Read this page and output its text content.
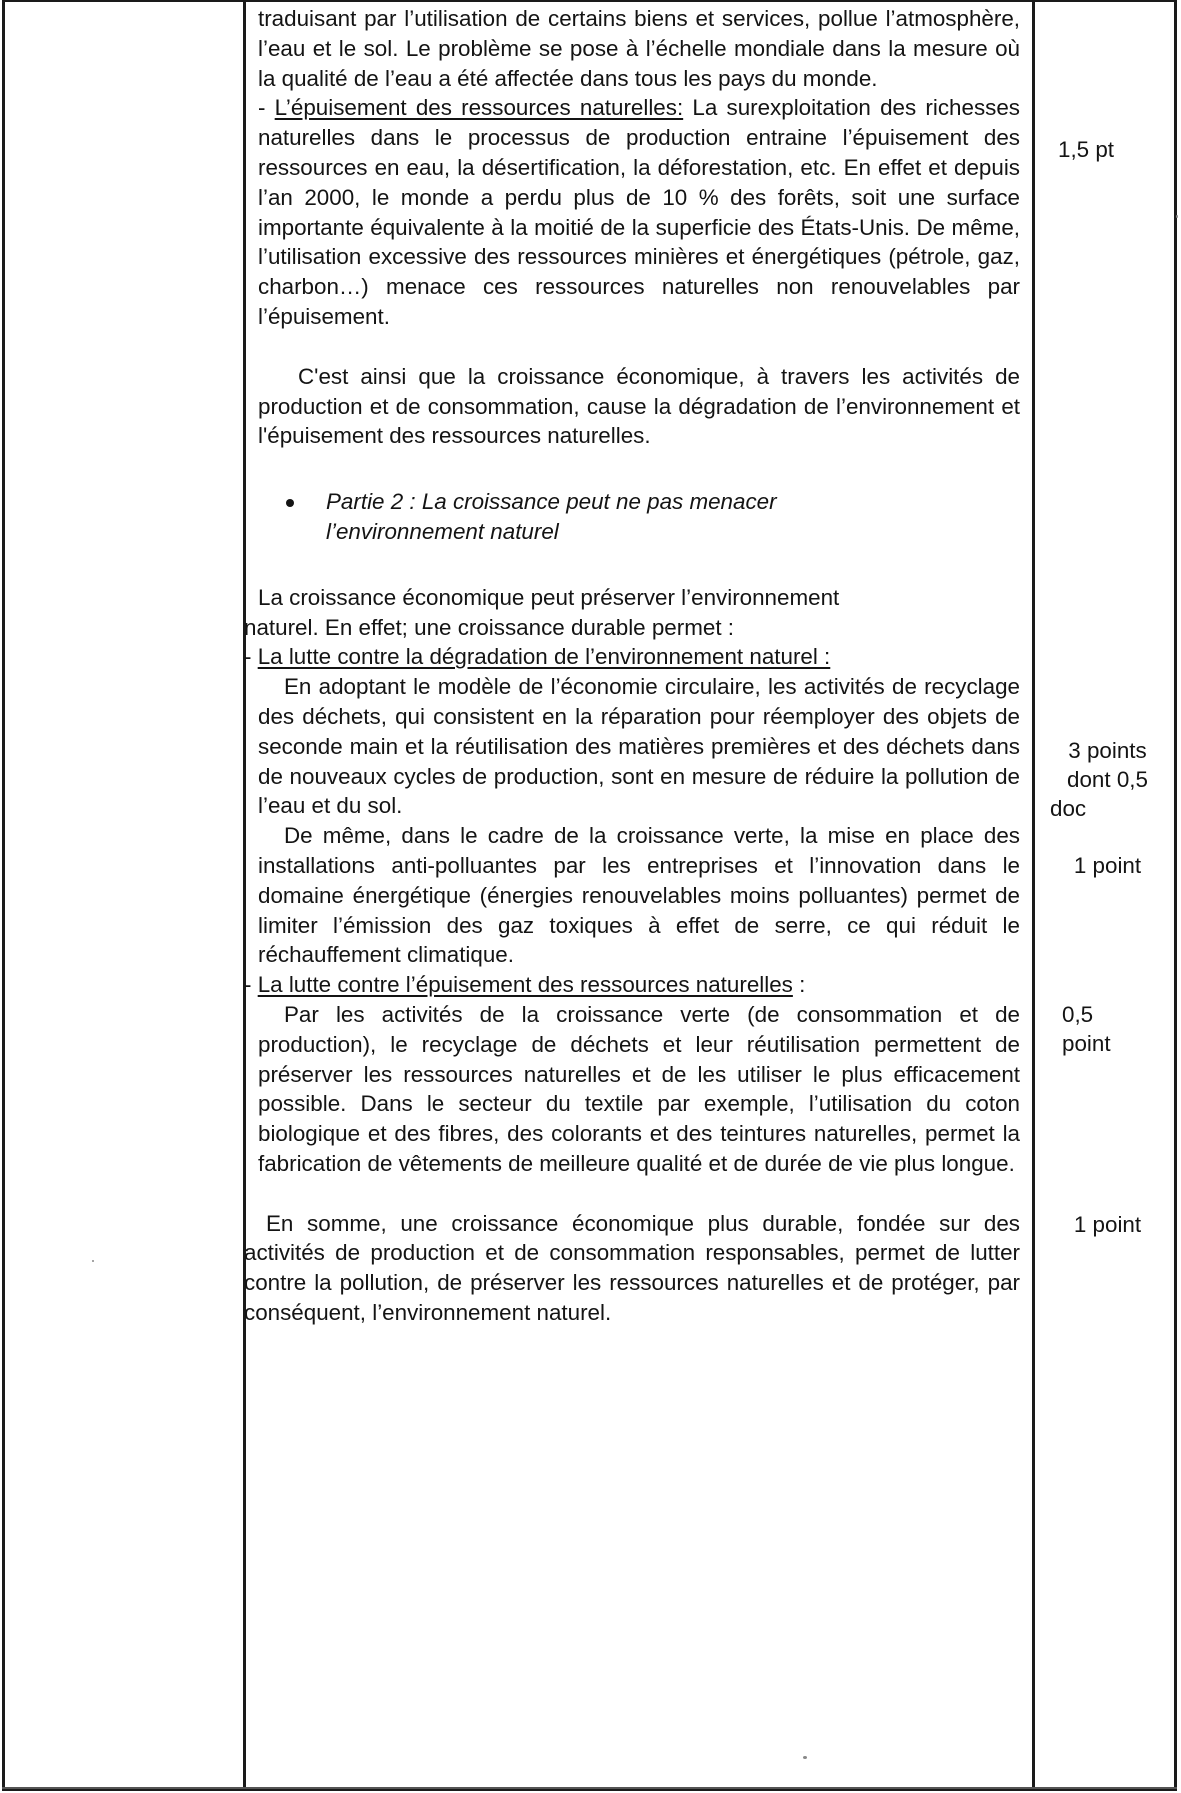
traduisant par l’utilisation de certains biens et services, pollue l’atmosphère, l’eau et le sol. Le problème se pose à l’échelle mondiale dans la mesure où la qualité de l’eau a été affectée dans tous les pays du monde.

- L’épuisement des ressources naturelles: La surexploitation des richesses naturelles dans le processus de production entraine l’épuisement des ressources en eau, la désertification, la déforestation, etc. En effet et depuis l’an 2000, le monde a perdu plus de 10 % des forêts, soit une surface importante équivalente à la moitié de la superficie des États-Unis. De même, l’utilisation excessive des ressources minières et énergétiques (pétrole, gaz, charbon…) menace ces ressources naturelles non renouvelables par l’épuisement.

C'est ainsi que la croissance économique, à travers les activités de production et de consommation, cause la dégradation de l’environnement et l'épuisement des ressources naturelles.

Partie 2 : La croissance peut ne pas menacer l’environnement naturel

La croissance économique peut préserver l’environnement naturel. En effet; une croissance durable permet :

- La lutte contre la dégradation de l’environnement naturel :

En adoptant le modèle de l’économie circulaire, les activités de recyclage des déchets, qui consistent en la réparation pour réemployer des objets de seconde main et la réutilisation des matières premières et des déchets dans de nouveaux cycles de production, sont en mesure de réduire la pollution de l’eau et du sol.

De même, dans le cadre de la croissance verte, la mise en place des installations anti-polluantes par les entreprises et l’innovation dans le domaine énergétique (énergies renouvelables moins polluantes) permet de limiter l’émission des gaz toxiques à effet de serre, ce qui réduit le réchauffement climatique.

- La lutte contre l’épuisement des ressources naturelles :

Par les activités de la croissance verte (de consommation et de production), le recyclage de déchets et leur réutilisation permettent de préserver les ressources naturelles et de les utiliser le plus efficacement possible. Dans le secteur du textile par exemple, l’utilisation du coton biologique et des fibres, des colorants et des teintures naturelles, permet la fabrication de vêtements de meilleure qualité et de durée de vie plus longue.

En somme, une croissance économique plus durable, fondée sur des activités de production et de consommation responsables, permet de lutter contre la pollution, de préserver les ressources naturelles et de protéger, par conséquent, l’environnement naturel.

1,5 pt
3 points
dont 0,5
doc
1 point
0,5
point
1 point
